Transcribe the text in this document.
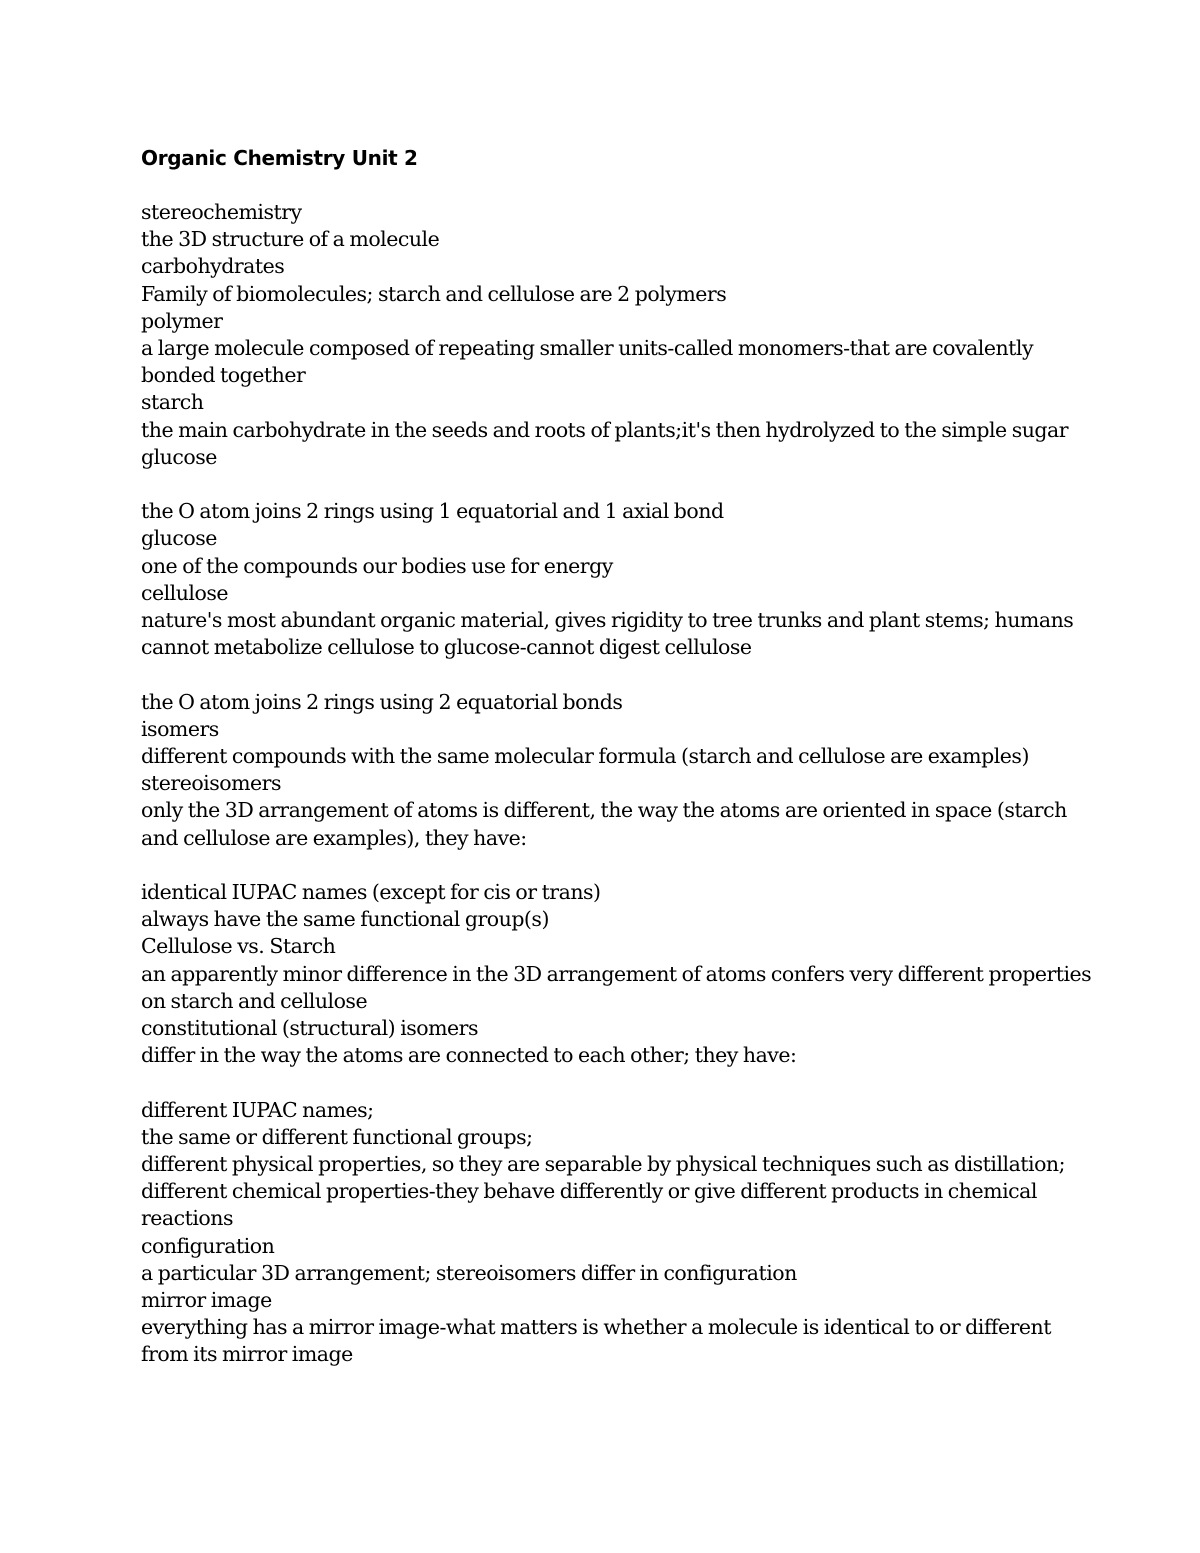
Organic Chemistry Unit 2
stereochemistry
the 3D structure of a molecule
carbohydrates
Family of biomolecules; starch and cellulose are 2 polymers
polymer
a large molecule composed of repeating smaller units-called monomers-that are covalently
bonded together
starch
the main carbohydrate in the seeds and roots of plants;it's then hydrolyzed to the simple sugar
glucose
the O atom joins 2 rings using 1 equatorial and 1 axial bond
glucose
one of the compounds our bodies use for energy
cellulose
nature's most abundant organic material, gives rigidity to tree trunks and plant stems; humans
cannot metabolize cellulose to glucose-cannot digest cellulose
the O atom joins 2 rings using 2 equatorial bonds
isomers
different compounds with the same molecular formula (starch and cellulose are examples)
stereoisomers
only the 3D arrangement of atoms is different, the way the atoms are oriented in space (starch
and cellulose are examples), they have:
identical IUPAC names (except for cis or trans)
always have the same functional group(s)
Cellulose vs. Starch
an apparently minor difference in the 3D arrangement of atoms confers very different properties
on starch and cellulose
constitutional (structural) isomers
differ in the way the atoms are connected to each other; they have:
different IUPAC names;
the same or different functional groups;
different physical properties, so they are separable by physical techniques such as distillation;
different chemical properties-they behave differently or give different products in chemical
reactions
configuration
a particular 3D arrangement; stereoisomers differ in configuration
mirror image
everything has a mirror image-what matters is whether a molecule is identical to or different
from its mirror image
